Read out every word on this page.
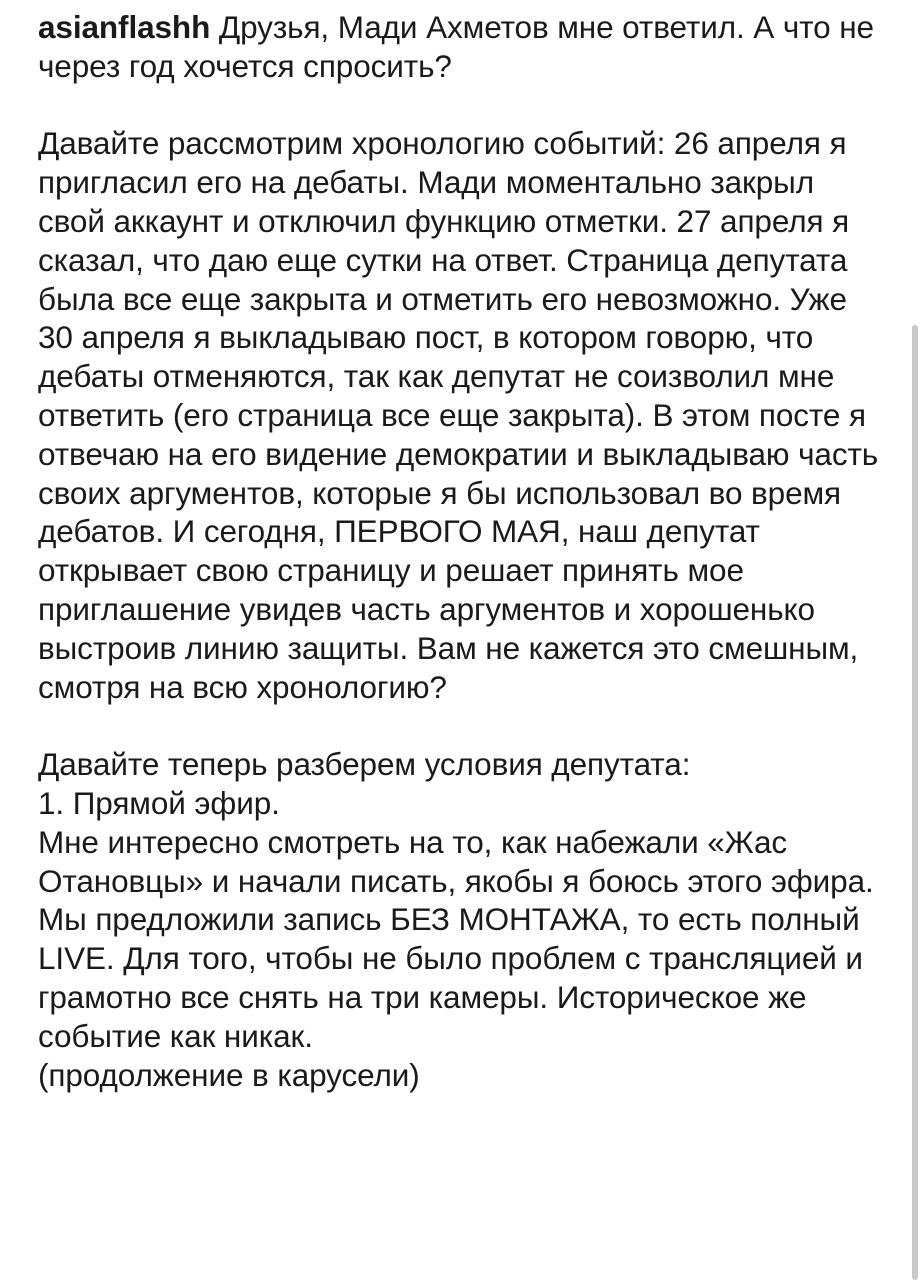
asianflashh Друзья, Мади Ахметов мне ответил. А что не через год хочется спросить?

Давайте рассмотрим хронологию событий: 26 апреля я пригласил его на дебаты. Мади моментально закрыл свой аккаунт и отключил функцию отметки. 27 апреля я сказал, что даю еще сутки на ответ. Страница депутата была все еще закрыта и отметить его невозможно. Уже 30 апреля я выкладываю пост, в котором говорю, что дебаты отменяются, так как депутат не соизволил мне ответить (его страница все еще закрыта). В этом посте я отвечаю на его видение демократии и выкладываю часть своих аргументов, которые я бы использовал во время дебатов. И сегодня, ПЕРВОГО МАЯ, наш депутат открывает свою страницу и решает принять мое приглашение увидев часть аргументов и хорошенько выстроив линию защиты. Вам не кажется это смешным, смотря на всю хронологию?

Давайте теперь разберем условия депутата:

1. Прямой эфир.

Мне интересно смотреть на то, как набежали «Жас Отановцы» и начали писать, якобы я боюсь этого эфира. Мы предложили запись БЕЗ МОНТАЖА, то есть полный LIVE. Для того, чтобы не было проблем с трансляцией и грамотно все снять на три камеры. Историческое же событие как никак.

(продолжение в карусели)
